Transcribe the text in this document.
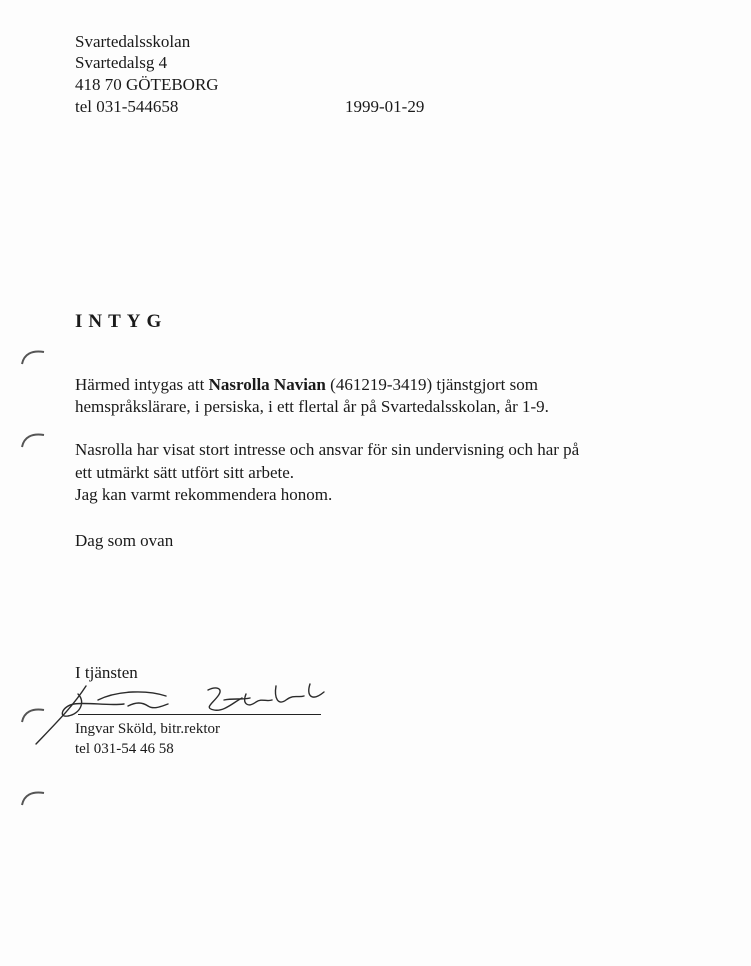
Svartedalsskolan

Svartedalsg 4

418 70 GÖTEBORG

tel 031-544658	1999-01-29

INTYG

Härmed intygas att Nasrolla Navian (461219-3419) tjänstgjort som

hemspråkslärare, i persiska, i ett flertal år på Svartedalsskolan, år 1-9.

Nasrolla har visat stort intresse och ansvar för sin undervisning och har på

ett utmärkt sätt utfört sitt arbete.

Jag kan varmt rekommendera honom.

Dag som ovan

I tjänsten

Ingvar Sköld, bitr.rektor

tel 031-54 46 58
